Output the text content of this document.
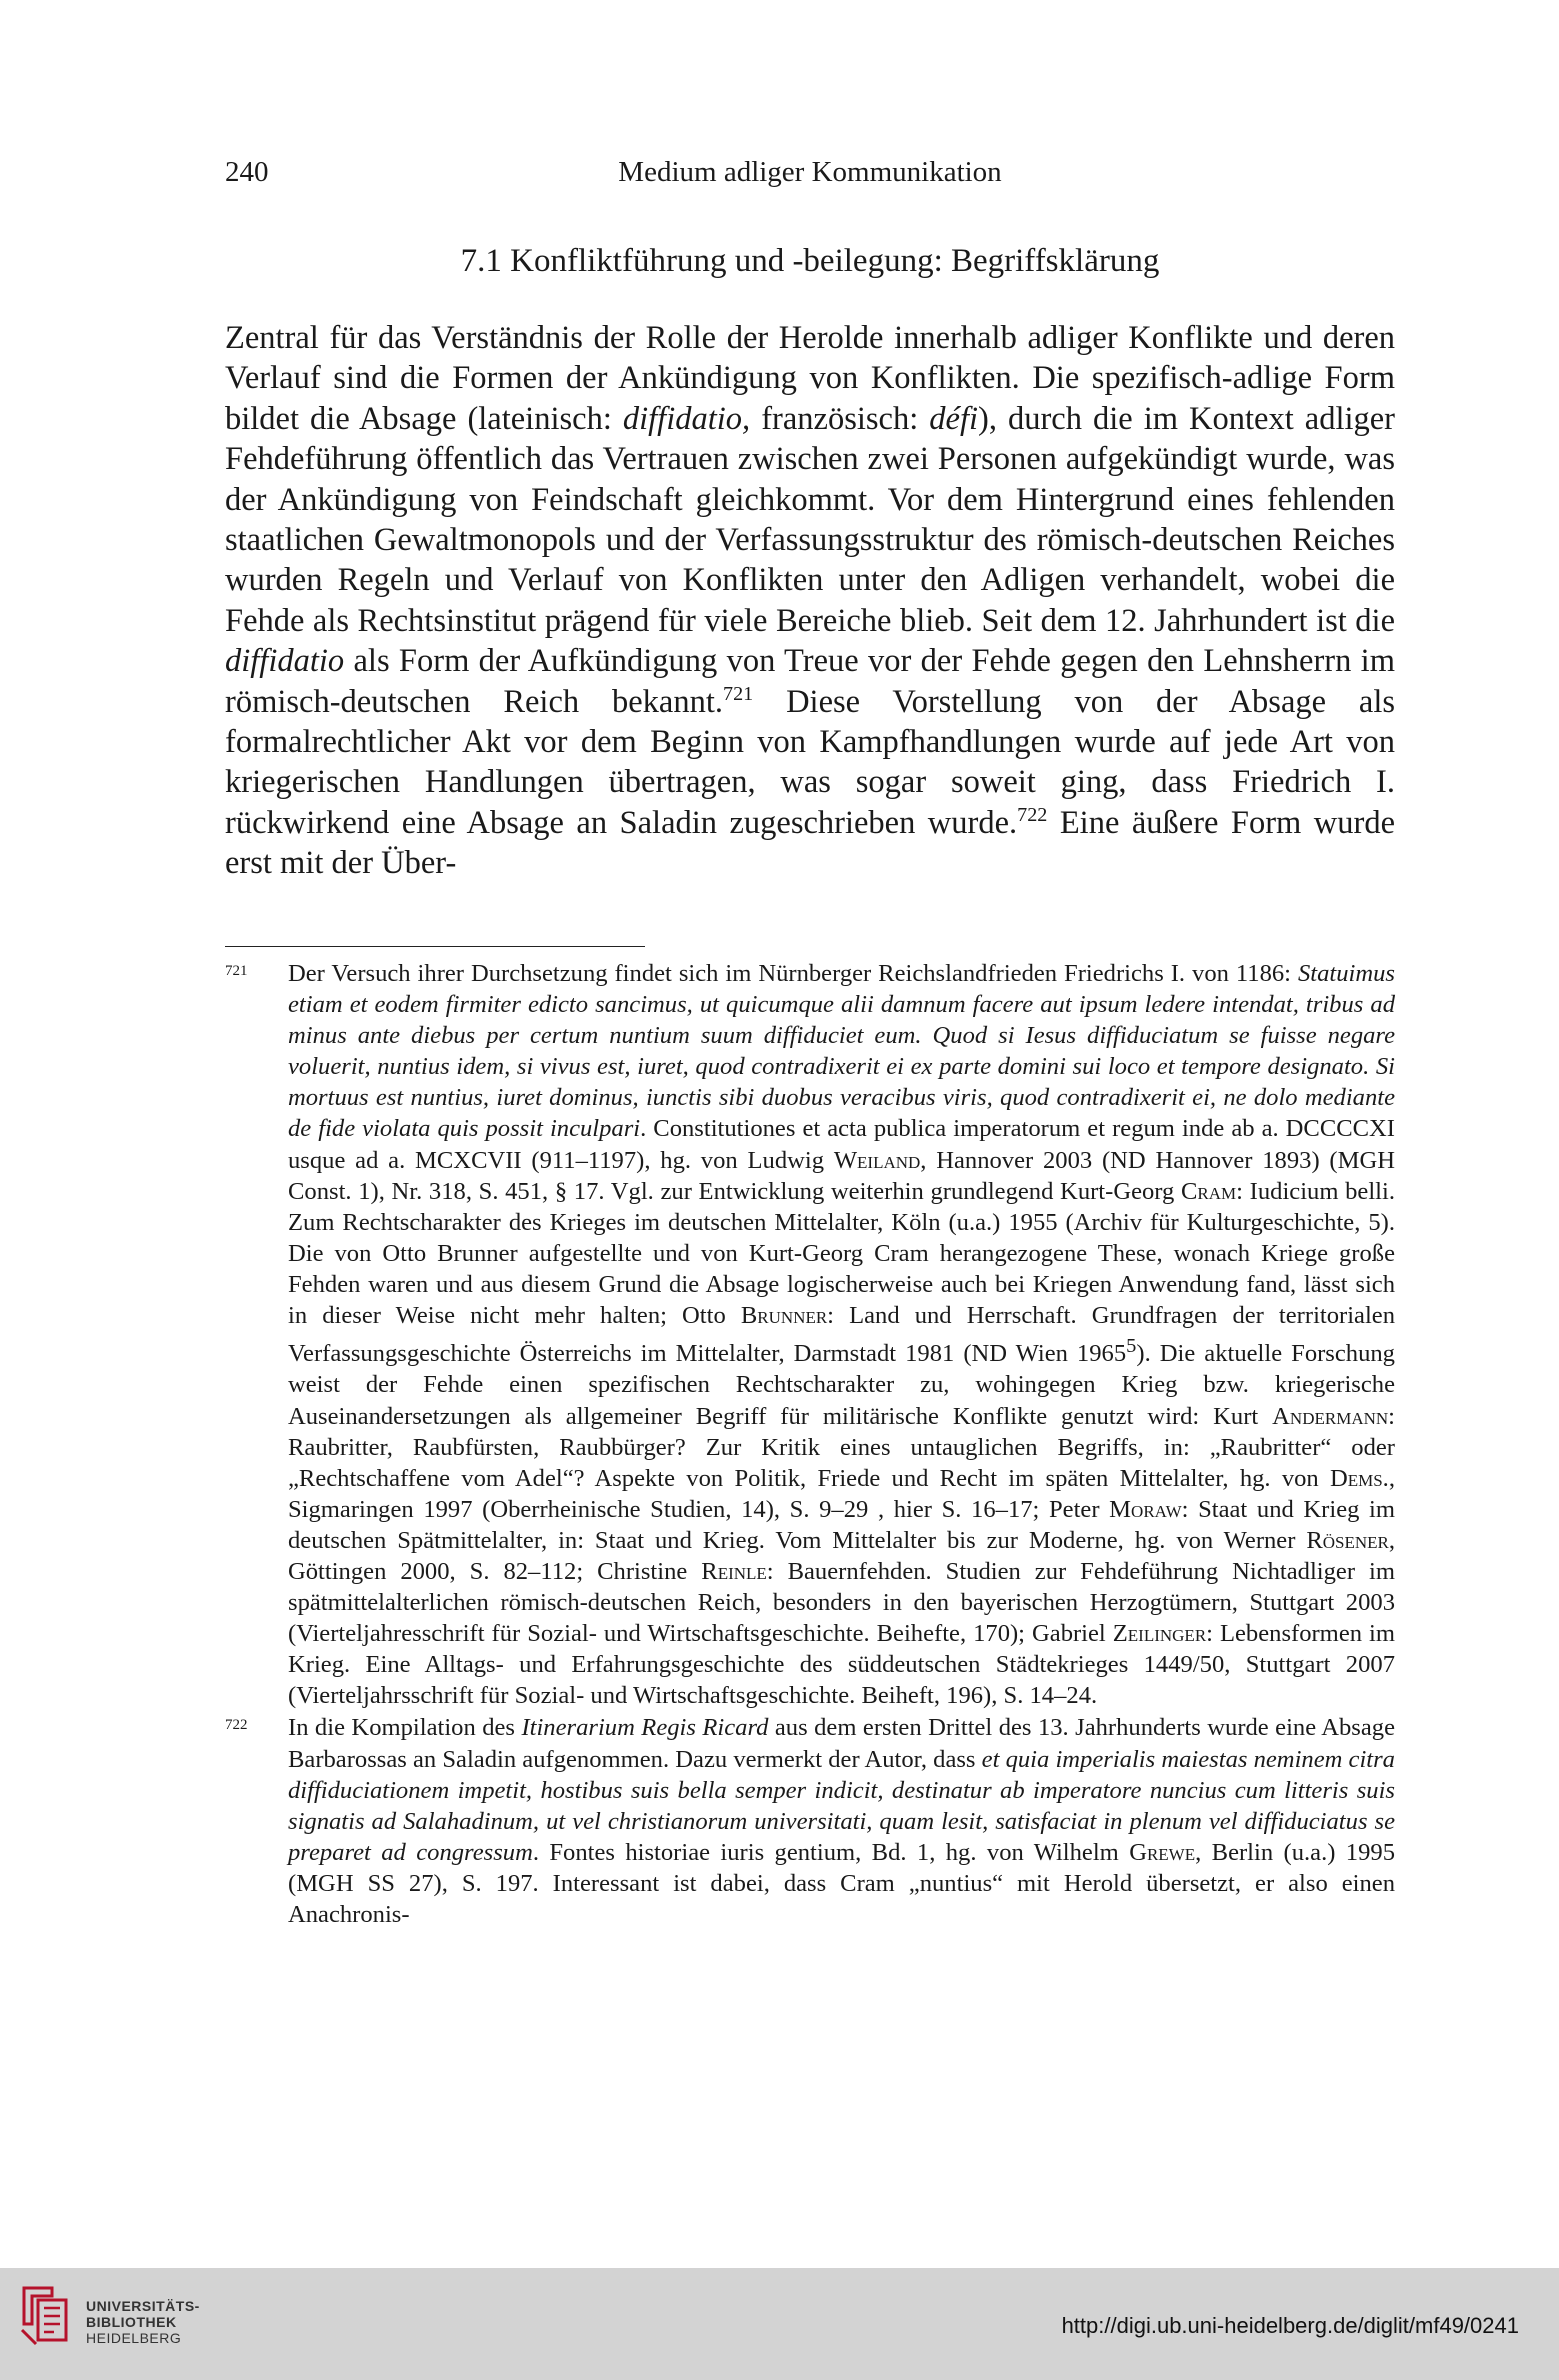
240	Medium adliger Kommunikation
7.1 Konfliktführung und -beilegung: Begriffsklärung

Zentral für das Verständnis der Rolle der Herolde innerhalb adliger Konflikte und deren Verlauf sind die Formen der Ankündigung von Konflikten. Die spezifisch-adlige Form bildet die Absage (lateinisch: diffidatio, französisch: défi), durch die im Kontext adliger Fehdeführung öffentlich das Vertrauen zwischen zwei Personen aufgekündigt wurde, was der Ankündigung von Feindschaft gleichkommt. Vor dem Hintergrund eines fehlenden staatlichen Gewaltmonopols und der Verfassungsstruktur des römisch-deutschen Reiches wurden Regeln und Verlauf von Konflikten unter den Adligen verhandelt, wobei die Fehde als Rechtsinstitut prägend für viele Bereiche blieb. Seit dem 12. Jahrhundert ist die diffidatio als Form der Aufkündigung von Treue vor der Fehde gegen den Lehnsherrn im römisch-deutschen Reich bekannt.$^{721}$ Diese Vorstellung von der Absage als formalrechtlicher Akt vor dem Beginn von Kampfhandlungen wurde auf jede Art von kriegerischen Handlungen übertragen, was sogar soweit ging, dass Friedrich I. rückwirkend eine Absage an Saladin zugeschrieben wurde.$^{722}$ Eine äußere Form wurde erst mit der Über-

721 Der Versuch ihrer Durchsetzung findet sich im Nürnberger Reichslandfrieden Friedrichs I. von 1186: Statuimus etiam et eodem firmiter edicto sancimus, ut quicumque alii damnum facere aut ipsum ledere intendat, tribus ad minus ante diebus per certum nuntium suum diffiduciet eum. Quod si Iesus diffiduciatum se fuisse negare voluerit, nuntius idem, si vivus est, iuret, quod contradixerit ei ex parte domini sui loco et tempore designato. Si mortuus est nuntius, iuret dominus, iunctis sibi duobus veracibus viris, quod contradixerit ei, ne dolo mediante de fide violata quis possit inculpari. Constitutiones et acta publica imperatorum et regum inde ab a. DCCCCXI usque ad a. MCXCVII (911–1197), hg. von Ludwig Weiland, Hannover 2003 (ND Hannover 1893) (MGH Const. 1), Nr. 318, S. 451, § 17. Vgl. zur Entwicklung weiterhin grundlegend Kurt-Georg Cram: Iudicium belli. Zum Rechtscharakter des Krieges im deutschen Mittelalter, Köln (u.a.) 1955 (Archiv für Kulturgeschichte, 5). Die von Otto Brunner aufgestellte und von Kurt-Georg Cram herangezogene These, wonach Kriege große Fehden waren und aus diesem Grund die Absage logischerweise auch bei Kriegen Anwendung fand, lässt sich in dieser Weise nicht mehr halten; Otto Brunner: Land und Herrschaft. Grundfragen der territorialen Verfassungsgeschichte Österreichs im Mittelalter, Darmstadt 1981 (ND Wien 1965$^5$). Die aktuelle Forschung weist der Fehde einen spezifischen Rechtscharakter zu, wohingegen Krieg bzw. kriegerische Auseinandersetzungen als allgemeiner Begriff für militärische Konflikte genutzt wird: Kurt Andermann: Raubritter, Raubfürsten, Raubbürger? Zur Kritik eines untauglichen Begriffs, in: „Raubritter“ oder „Rechtschaffene vom Adel“? Aspekte von Politik, Friede und Recht im späten Mittelalter, hg. von Dems., Sigmaringen 1997 (Oberrheinische Studien, 14), S. 9–29 , hier S. 16–17; Peter Moraw: Staat und Krieg im deutschen Spätmittelalter, in: Staat und Krieg. Vom Mittelalter bis zur Moderne, hg. von Werner Rösener, Göttingen 2000, S. 82–112; Christine Reinle: Bauernfehden. Studien zur Fehdeführung Nichtadliger im spätmittelalterlichen römisch-deutschen Reich, besonders in den bayerischen Herzogtümern, Stuttgart 2003 (Vierteljahresschrift für Sozial- und Wirtschaftsgeschichte. Beihefte, 170); Gabriel Zeilinger: Lebensformen im Krieg. Eine Alltags- und Erfahrungsgeschichte des süddeutschen Städtekrieges 1449/50, Stuttgart 2007 (Vierteljahrsschrift für Sozial- und Wirtschaftsgeschichte. Beiheft, 196), S. 14–24.
722 In die Kompilation des Itinerarium Regis Ricard aus dem ersten Drittel des 13. Jahrhunderts wurde eine Absage Barbarossas an Saladin aufgenommen. Dazu vermerkt der Autor, dass et quia imperialis maiestas neminem citra diffiduciationem impetit, hostibus suis bella semper indicit, destinatur ab imperatore nuncius cum litteris suis signatis ad Salahadinum, ut vel christianorum universitati, quam lesit, satisfaciat in plenum vel diffiduciatus se preparet ad congressum. Fontes historiae iuris gentium, Bd. 1, hg. von Wilhelm Grewe, Berlin (u.a.) 1995 (MGH SS 27), S. 197. Interessant ist dabei, dass Cram „nuntius“ mit Herold übersetzt, er also einen Anachronis-
UNIVERSITÄTS-
BIBLIOTHEK
HEIDELBERG	http://digi.ub.uni-heidelberg.de/diglit/mf49/0241
